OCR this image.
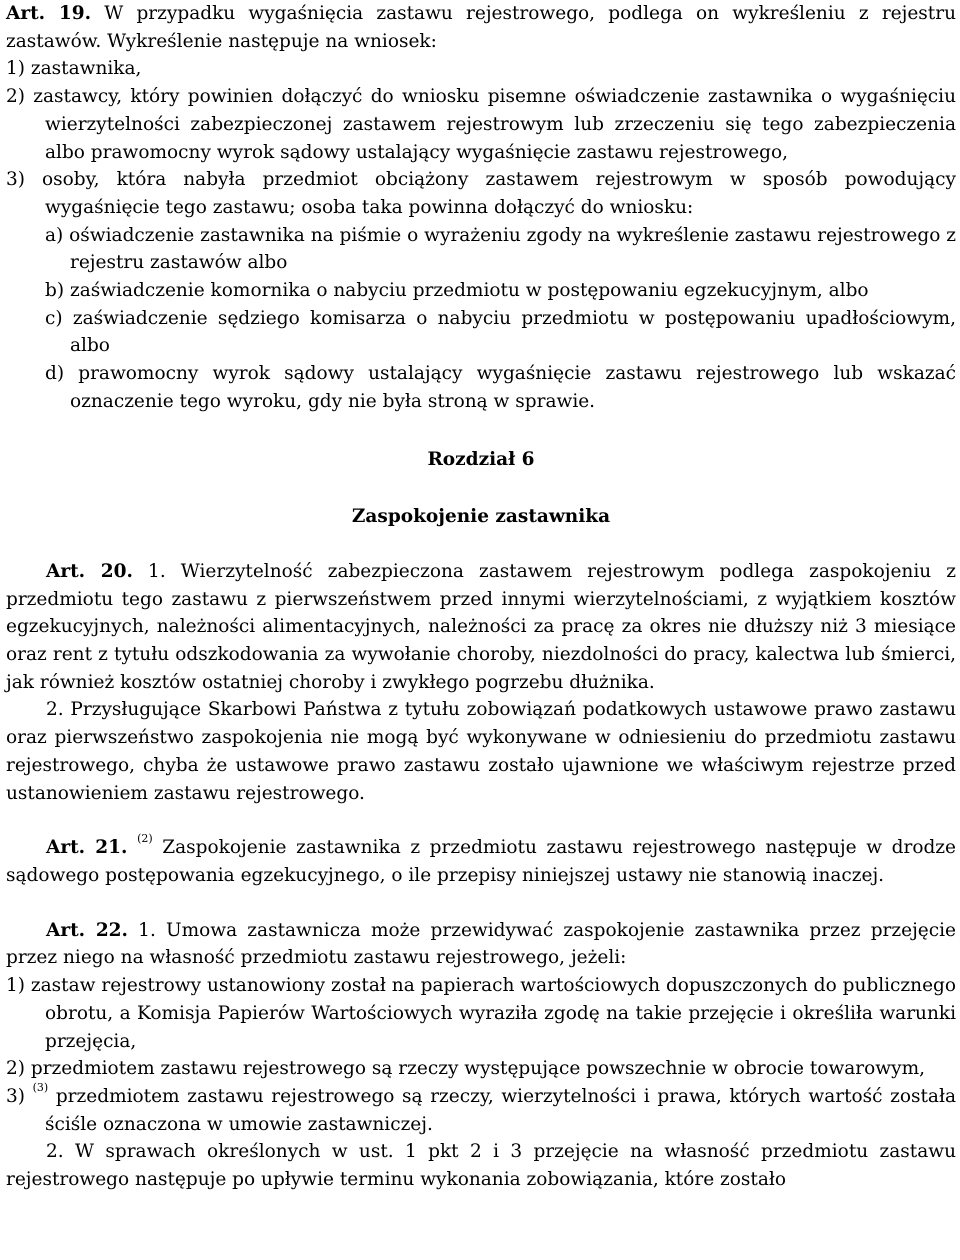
Art. 19. W przypadku wygaśnięcia zastawu rejestrowego, podlega on wykreśleniu z rejestru zastawów. Wykreślenie następuje na wniosek:

1) zastawnika,

2) zastawcy, który powinien dołączyć do wniosku pisemne oświadczenie zastawnika o wygaśnięciu wierzytelności zabezpieczonej zastawem rejestrowym lub zrzeczeniu się tego zabezpieczenia albo prawomocny wyrok sądowy ustalający wygaśnięcie zastawu rejestrowego,

3) osoby, która nabyła przedmiot obciążony zastawem rejestrowym w sposób powodujący wygaśnięcie tego zastawu; osoba taka powinna dołączyć do wniosku:

a) oświadczenie zastawnika na piśmie o wyrażeniu zgody na wykreślenie zastawu rejestrowego z rejestru zastawów albo

b) zaświadczenie komornika o nabyciu przedmiotu w postępowaniu egzekucyjnym, albo

c) zaświadczenie sędziego komisarza o nabyciu przedmiotu w postępowaniu upadłościowym, albo

d) prawomocny wyrok sądowy ustalający wygaśnięcie zastawu rejestrowego lub wskazać oznaczenie tego wyroku, gdy nie była stroną w sprawie.

Rozdział 6

Zaspokojenie zastawnika

Art. 20. 1. Wierzytelność zabezpieczona zastawem rejestrowym podlega zaspokojeniu z przedmiotu tego zastawu z pierwszeństwem przed innymi wierzytelnościami, z wyjątkiem kosztów egzekucyjnych, należności alimentacyjnych, należności za pracę za okres nie dłuższy niż 3 miesiące oraz rent z tytułu odszkodowania za wywołanie choroby, niezdolności do pracy, kalectwa lub śmierci, jak również kosztów ostatniej choroby i zwykłego pogrzebu dłużnika.

2. Przysługujące Skarbowi Państwa z tytułu zobowiązań podatkowych ustawowe prawo zastawu oraz pierwszeństwo zaspokojenia nie mogą być wykonywane w odniesieniu do przedmiotu zastawu rejestrowego, chyba że ustawowe prawo zastawu zostało ujawnione we właściwym rejestrze przed ustanowieniem zastawu rejestrowego.

Art. 21. $^{(2)}$ Zaspokojenie zastawnika z przedmiotu zastawu rejestrowego następuje w drodze sądowego postępowania egzekucyjnego, o ile przepisy niniejszej ustawy nie stanowią inaczej.

Art. 22. 1. Umowa zastawnicza może przewidywać zaspokojenie zastawnika przez przejęcie przez niego na własność przedmiotu zastawu rejestrowego, jeżeli:

1) zastaw rejestrowy ustanowiony został na papierach wartościowych dopuszczonych do publicznego obrotu, a Komisja Papierów Wartościowych wyraziła zgodę na takie przejęcie i określiła warunki przejęcia,

2) przedmiotem zastawu rejestrowego są rzeczy występujące powszechnie w obrocie towarowym,

3) $^{(3)}$ przedmiotem zastawu rejestrowego są rzeczy, wierzytelności i prawa, których wartość została ściśle oznaczona w umowie zastawniczej.

2. W sprawach określonych w ust. 1 pkt 2 i 3 przejęcie na własność przedmiotu zastawu rejestrowego następuje po upływie terminu wykonania zobowiązania, które zostało
